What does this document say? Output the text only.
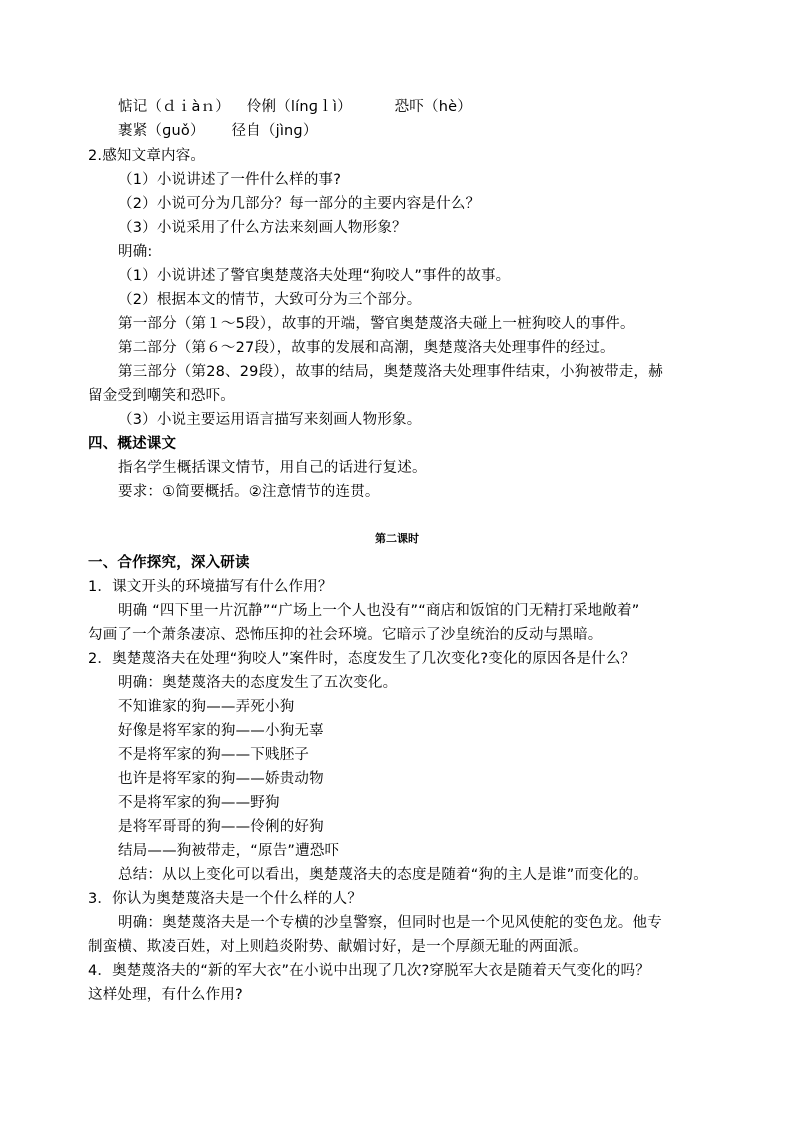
惦记（ｄｉàｎ） 伶俐（línɡｌì）	恐吓（hè）
裹紧（ɡuǒ） 径自（jìnɡ）
2.感知文章内容。
（1）小说讲述了一件什么样的事?
（2）小说可分为几部分？每一部分的主要内容是什么？
（3）小说采用了什么方法来刻画人物形象？
明确:
（1）小说讲述了警官奥楚蔑洛夫处理“狗咬人”事件的故事。
（2）根据本文的情节，大致可分为三个部分。
第一部分（第１～5段），故事的开端，警官奥楚蔑洛夫碰上一桩狗咬人的事件。
第二部分（第６～27段），故事的发展和高潮，奥楚蔑洛夫处理事件的经过。
第三部分（第28、29段），故事的结局，奥楚蔑洛夫处理事件结束，小狗被带走，赫
留金受到嘲笑和恐吓。
（3）小说主要运用语言描写来刻画人物形象。
四、概述课文
指名学生概括课文情节，用自己的话进行复述。
要求：①简要概括。②注意情节的连贯。
第二课时
一、合作探究，深入研读
1．课文开头的环境描写有什么作用？
明确 “四下里一片沉静”“广场上一个人也没有”“商店和饭馆的门无精打采地敞着”
勾画了一个萧条凄凉、恐怖压抑的社会环境。它暗示了沙皇统治的反动与黑暗。
2．奥楚蔑洛夫在处理“狗咬人”案件时，态度发生了几次变化?变化的原因各是什么？
明确：奥楚蔑洛夫的态度发生了五次变化。
不知谁家的狗——弄死小狗
好像是将军家的狗——小狗无辜
不是将军家的狗——下贱胚子
也许是将军家的狗——娇贵动物
不是将军家的狗——野狗
是将军哥哥的狗——伶俐的好狗
结局——狗被带走，“原告”遭恐吓
总结：从以上变化可以看出，奥楚蔑洛夫的态度是随着“狗的主人是谁”而变化的。
3．你认为奥楚蔑洛夫是一个什么样的人？
明确：奥楚蔑洛夫是一个专横的沙皇警察，但同时也是一个见风使舵的变色龙。他专
制蛮横、欺凌百姓，对上则趋炎附势、献媚讨好，是一个厚颜无耻的两面派。
4．奥楚蔑洛夫的“新的军大衣”在小说中出现了几次?穿脱军大衣是随着天气变化的吗？
这样处理，有什么作用?
